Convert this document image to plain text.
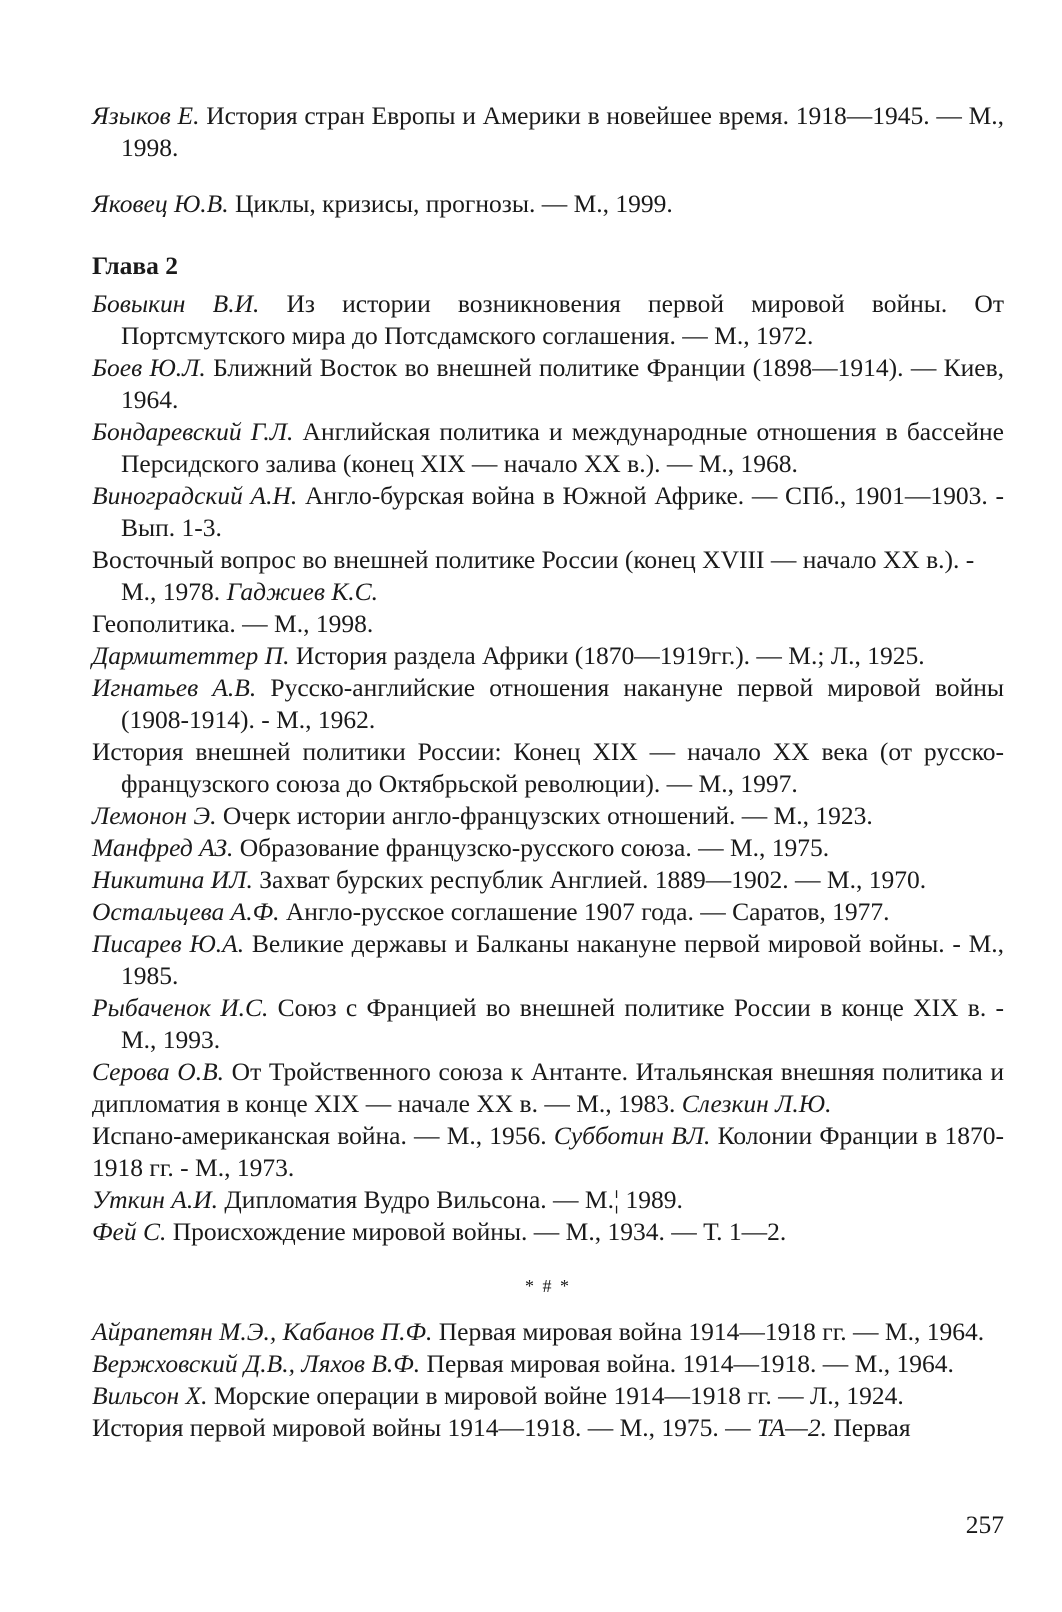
Языков Е. История стран Европы и Америки в новейшее время. 1918—1945. — М., 1998.

Яковец Ю.В. Циклы, кризисы, прогнозы. — М., 1999.

Глава 2

Бовыкин В.И. Из истории возникновения первой мировой войны. От Портсмутского мира до Потсдамского соглашения. — М., 1972.

Боев Ю.Л. Ближний Восток во внешней политике Франции (1898—1914). — Киев, 1964.

Бондаревский Г.Л. Английская политика и международные отношения в бассейне Персидского залива (конец XIX — начало XX в.). — М., 1968.

Виноградский А.Н. Англо-бурская война в Южной Африке. — СПб., 1901—1903. - Вып. 1-3.

Восточный вопрос во внешней политике России (конец XVIII — начало XX в.). - М., 1978. Гаджиев К.С.

Геополитика. — М., 1998.

Дармштеттер П. История раздела Африки (1870—1919гг.). — М.; Л., 1925.

Игнатьев А.В. Русско-английские отношения накануне первой мировой войны (1908-1914). - М., 1962.

История внешней политики России: Конец XIX — начало XX века (от русско-французского союза до Октябрьской революции). — М., 1997.

Лемонон Э. Очерк истории англо-французских отношений. — М., 1923.

Манфред АЗ. Образование французско-русского союза. — М., 1975.

Никитина ИЛ. Захват бурских республик Англией. 1889—1902. — М., 1970.

Остальцева А.Ф. Англо-русское соглашение 1907 года. — Саратов, 1977.

Писарев Ю.А. Великие державы и Балканы накануне первой мировой войны. - М., 1985.

Рыбаченок И.С. Союз с Францией во внешней политике России в конце XIX в. - М., 1993.

Серова О.В. От Тройственного союза к Антанте. Итальянская внешняя политика и дипломатия в конце XIX — начале XX в. — М., 1983. Слезкин Л.Ю.

Испано-американская война. — М., 1956. Субботин ВЛ. Колонии Франции в 1870-1918 гг. - М., 1973.

Уткин А.И. Дипломатия Вудро Вильсона. — М.¦ 1989.

Фей С. Происхождение мировой войны. — М., 1934. — Т. 1—2.

* # *

Айрапетян М.Э., Кабанов П.Ф. Первая мировая война 1914—1918 гг. — М., 1964.

Вержховский Д.В., Ляхов В.Ф. Первая мировая война. 1914—1918. — М., 1964.

Вильсон X. Морские операции в мировой войне 1914—1918 гг. — Л., 1924.

История первой мировой войны 1914—1918. — М., 1975. — ТА—2. Первая

257
